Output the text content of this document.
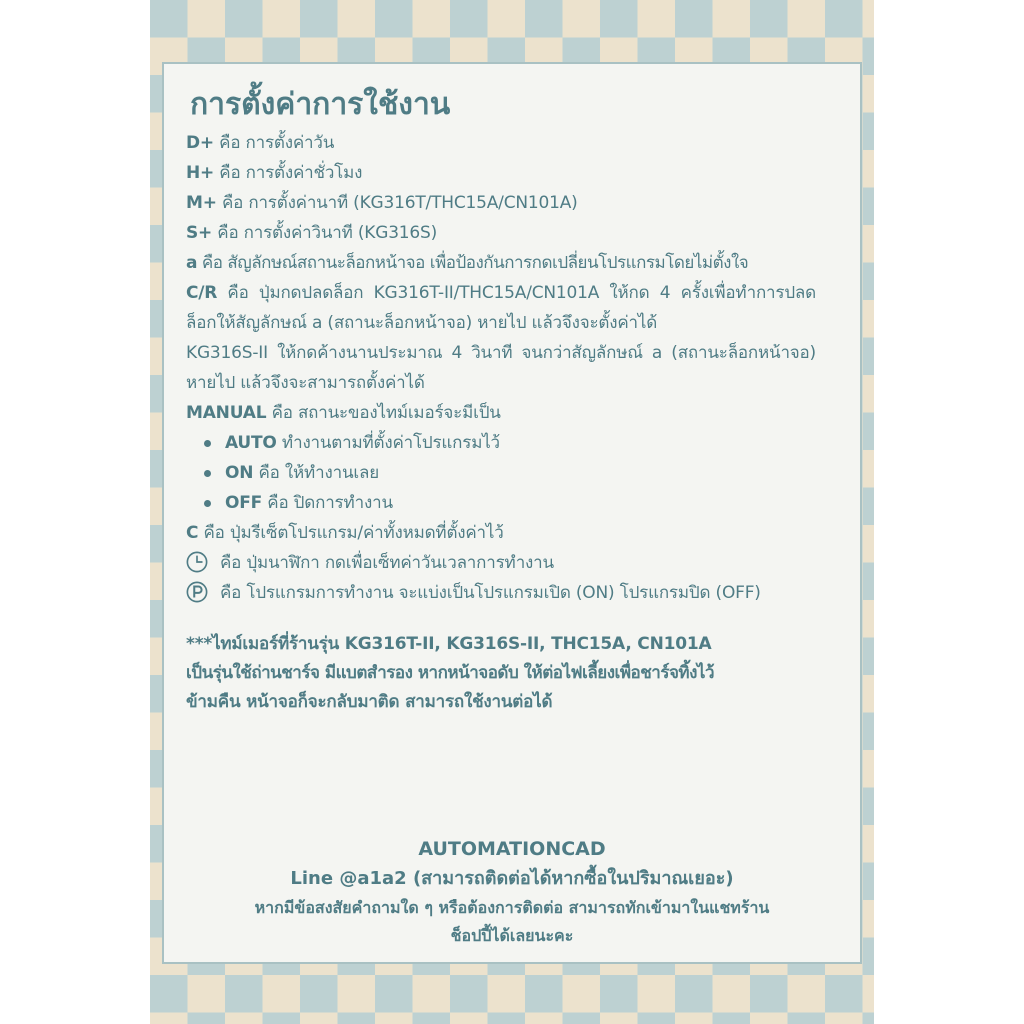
การตั้งค่าการใช้งาน
D+ คือ การตั้งค่าวัน
H+ คือ การตั้งค่าชั่วโมง
M+ คือ การตั้งค่านาที (KG316T/THC15A/CN101A)
S+ คือ การตั้งค่าวินาที (KG316S)
a คือ สัญลักษณ์สถานะล็อกหน้าจอ เพื่อป้องกันการกดเปลี่ยนโปรแกรมโดยไม่ตั้งใจ
C/R คือ ปุ่มกดปลดล็อก KG316T-II/THC15A/CN101A ให้กด 4 ครั้งเพื่อทำการปลดล็อกให้สัญลักษณ์ a (สถานะล็อกหน้าจอ) หายไป แล้วจึงจะตั้งค่าได้
KG316S-II ให้กดค้างนานประมาณ 4 วินาที จนกว่าสัญลักษณ์ a (สถานะล็อกหน้าจอ) หายไป แล้วจึงจะสามารถตั้งค่าได้
MANUAL คือ สถานะของไทม์เมอร์จะมีเป็น
AUTO ทำงานตามที่ตั้งค่าโปรแกรมไว้
ON คือ ให้ทำงานเลย
OFF คือ ปิดการทำงาน
C คือ ปุ่มรีเซ็ตโปรแกรม/ค่าทั้งหมดที่ตั้งค่าไว้
คือ ปุ่มนาฬิกา กดเพื่อเซ็ทค่าวันเวลาการทำงาน
คือ โปรแกรมการทำงาน จะแบ่งเป็นโปรแกรมเปิด (ON) โปรแกรมปิด (OFF)
***ไทม์เมอร์ที่ร้านรุ่น KG316T-II, KG316S-II, THC15A, CN101A
เป็นรุ่นใช้ถ่านชาร์จ มีแบตสำรอง หากหน้าจอดับ ให้ต่อไฟเลี้ยงเพื่อชาร์จทิ้งไว้
ข้ามคืน หน้าจอก็จะกลับมาติด สามารถใช้งานต่อได้
AUTOMATIONCAD
Line @a1a2 (สามารถติดต่อได้หากซื้อในปริมาณเยอะ)
หากมีข้อสงสัยคำถามใด ๆ หรือต้องการติดต่อ สามารถทักเข้ามาในแชทร้าน
ช็อปปี้ได้เลยนะคะ
